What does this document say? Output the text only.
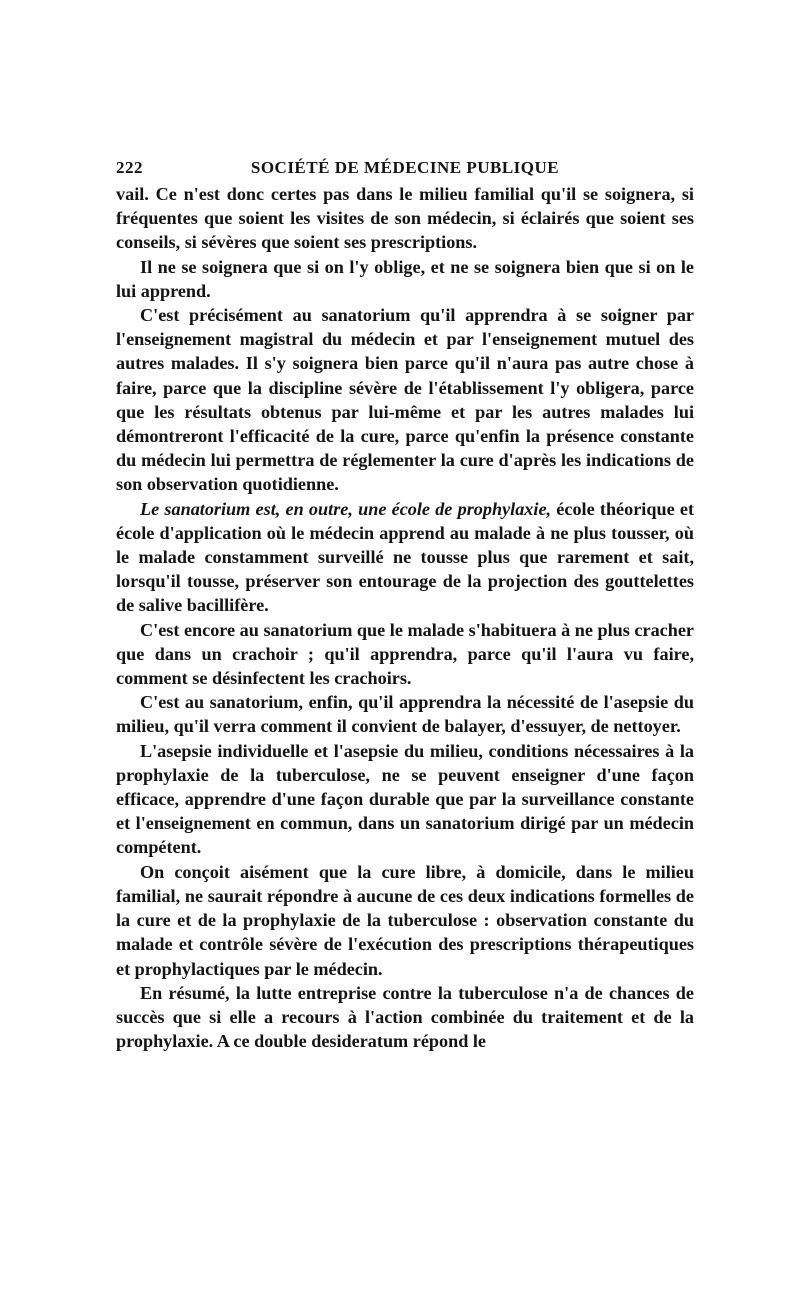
222	SOCIÉTÉ DE MÉDECINE PUBLIQUE

vail. Ce n'est donc certes pas dans le milieu familial qu'il se soignera, si fréquentes que soient les visites de son médecin, si éclairés que soient ses conseils, si sévères que soient ses prescriptions.

Il ne se soignera que si on l'y oblige, et ne se soignera bien que si on le lui apprend.

C'est précisément au sanatorium qu'il apprendra à se soigner par l'enseignement magistral du médecin et par l'enseignement mutuel des autres malades. Il s'y soignera bien parce qu'il n'aura pas autre chose à faire, parce que la discipline sévère de l'établissement l'y obligera, parce que les résultats obtenus par lui-même et par les autres malades lui démontreront l'efficacité de la cure, parce qu'enfin la présence constante du médecin lui permettra de réglementer la cure d'après les indications de son observation quotidienne.

Le sanatorium est, en outre, une école de prophylaxie, école théorique et école d'application où le médecin apprend au malade à ne plus tousser, où le malade constamment surveillé ne tousse plus que rarement et sait, lorsqu'il tousse, préserver son entourage de la projection des gouttelettes de salive bacillifère.

C'est encore au sanatorium que le malade s'habituera à ne plus cracher que dans un crachoir ; qu'il apprendra, parce qu'il l'aura vu faire, comment se désinfectent les crachoirs.

C'est au sanatorium, enfin, qu'il apprendra la nécessité de l'asepsie du milieu, qu'il verra comment il convient de balayer, d'essuyer, de nettoyer.

L'asepsie individuelle et l'asepsie du milieu, conditions nécessaires à la prophylaxie de la tuberculose, ne se peuvent enseigner d'une façon efficace, apprendre d'une façon durable que par la surveillance constante et l'enseignement en commun, dans un sanatorium dirigé par un médecin compétent.

On conçoit aisément que la cure libre, à domicile, dans le milieu familial, ne saurait répondre à aucune de ces deux indications formelles de la cure et de la prophylaxie de la tuberculose : observation constante du malade et contrôle sévère de l'exécution des prescriptions thérapeutiques et prophylactiques par le médecin.

En résumé, la lutte entreprise contre la tuberculose n'a de chances de succès que si elle a recours à l'action combinée du traitement et de la prophylaxie. A ce double desideratum répond le
